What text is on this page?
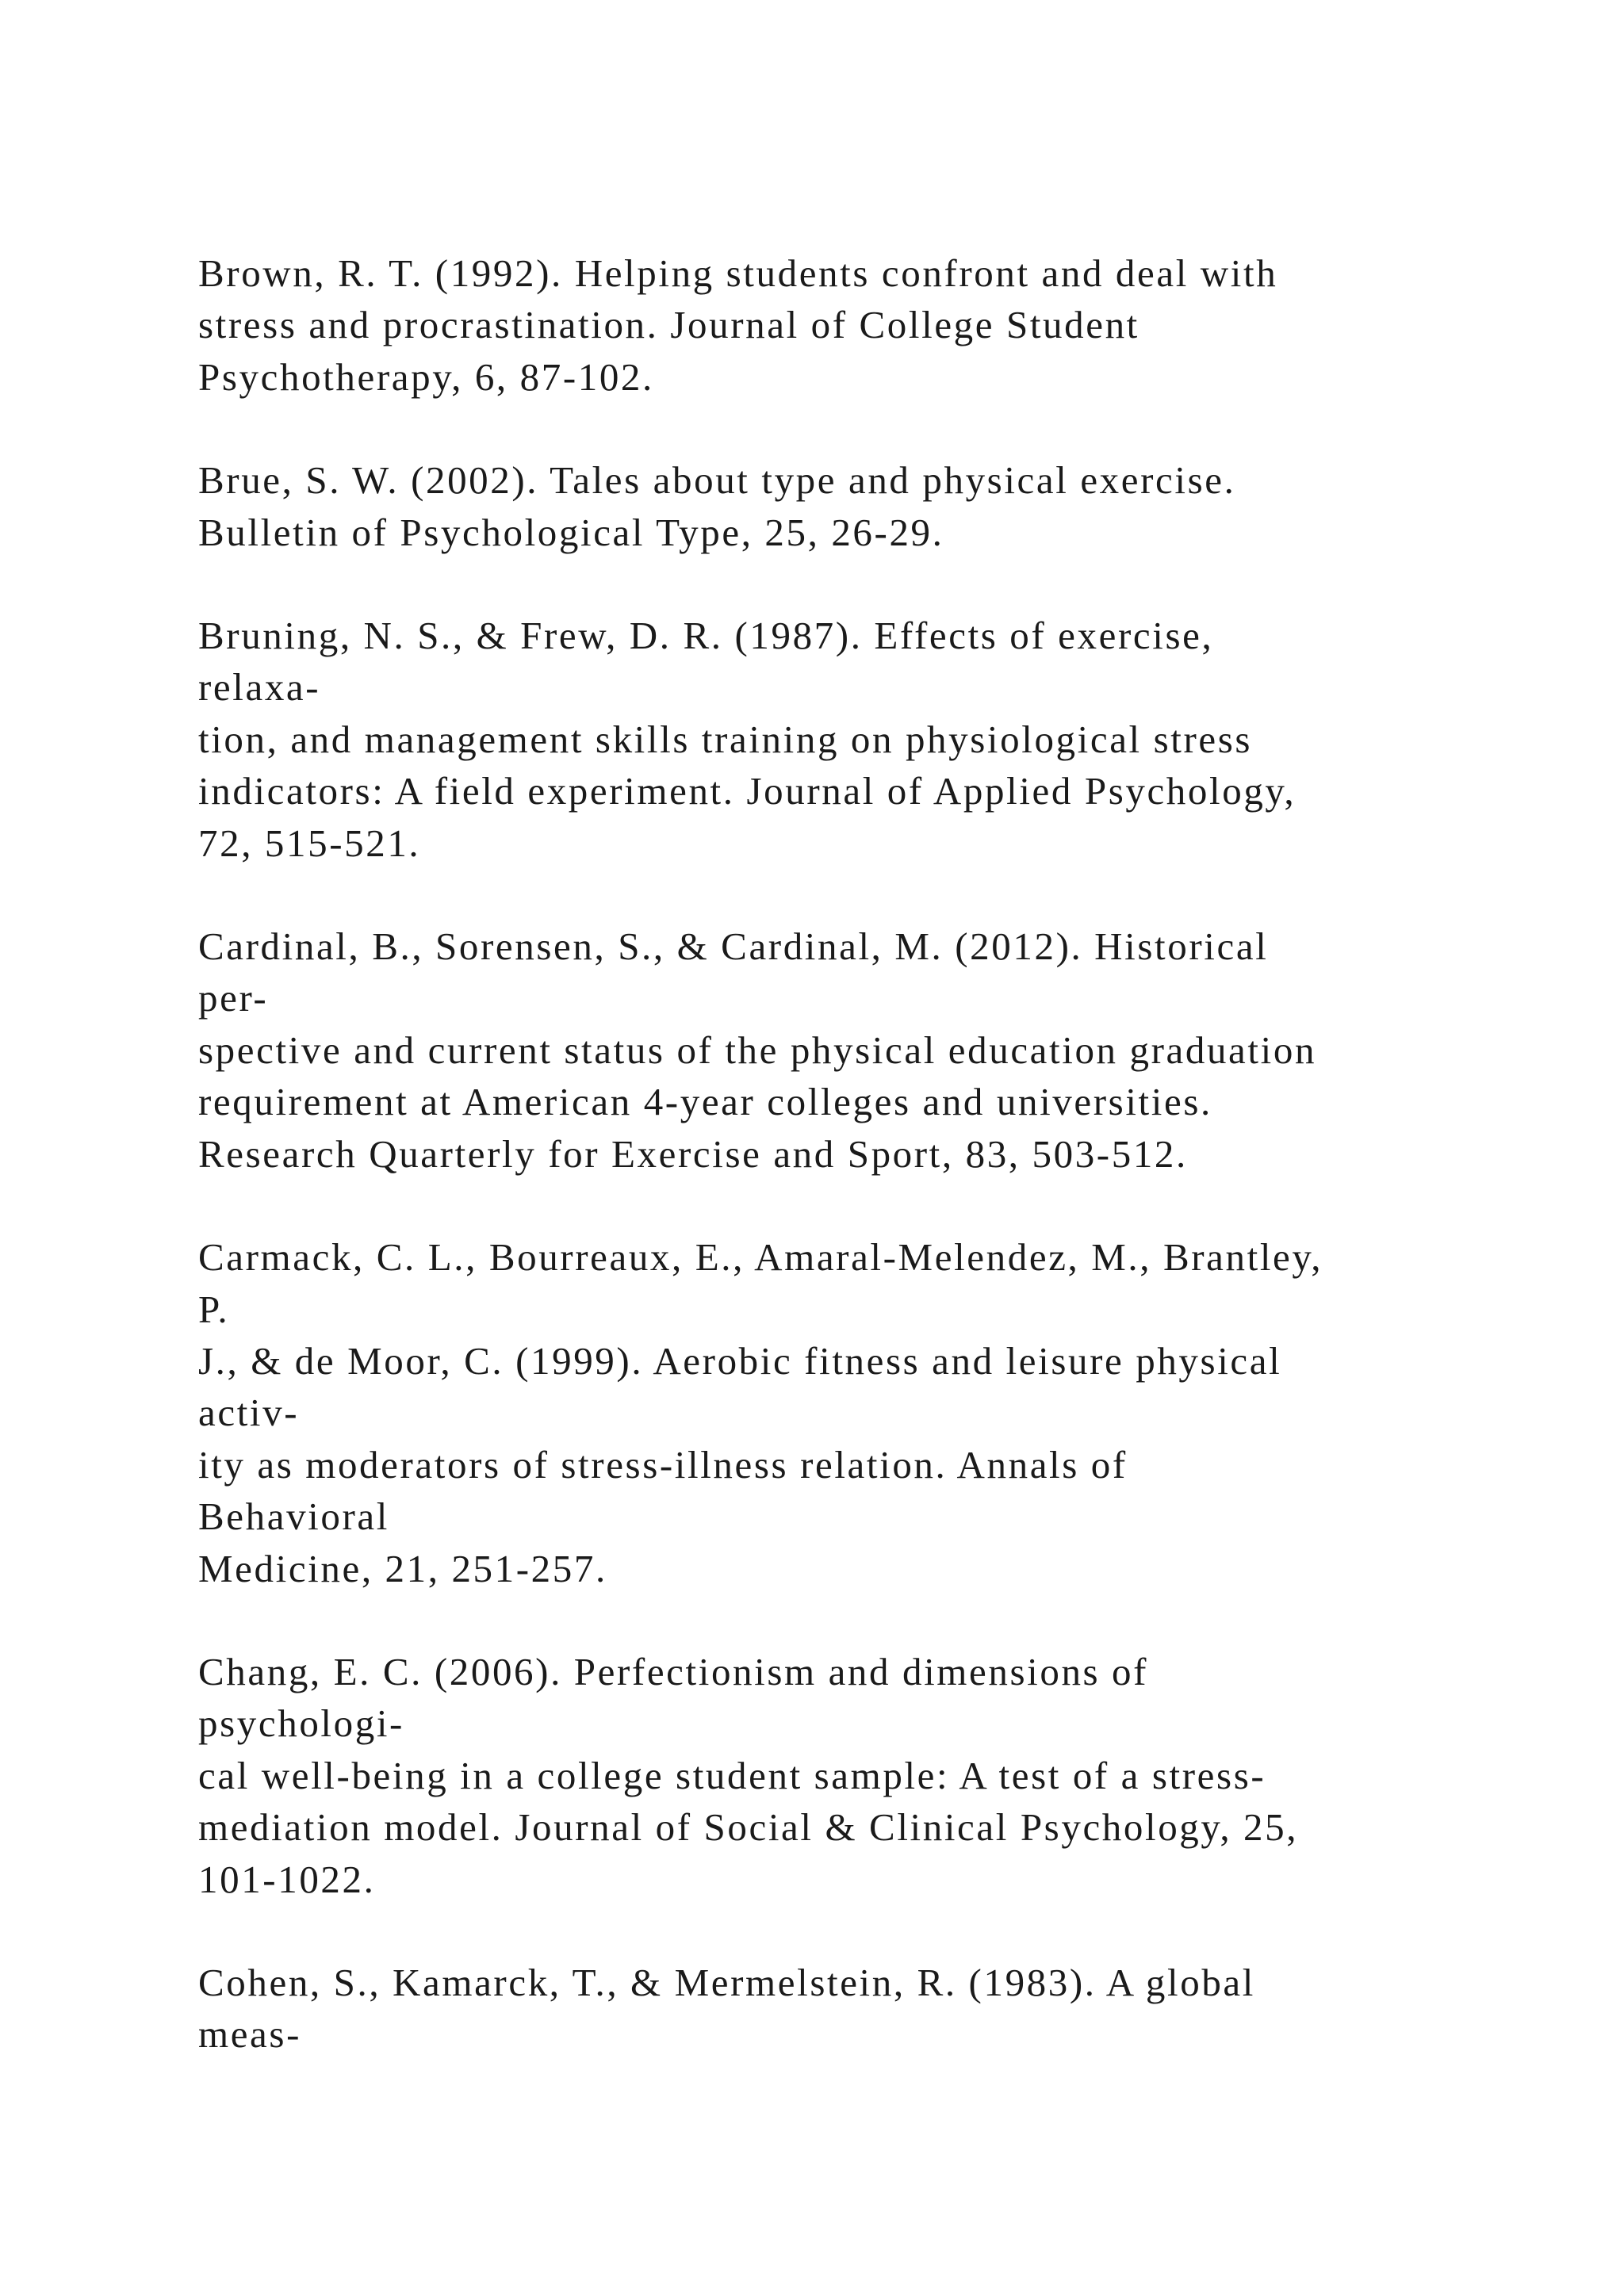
Brown, R. T. (1992). Helping students confront and deal with
stress and procrastination. Journal of College Student
Psychotherapy, 6, 87-102.
Brue, S. W. (2002). Tales about type and physical exercise.
Bulletin of Psychological Type, 25, 26-29.
Bruning, N. S., & Frew, D. R. (1987). Effects of exercise,
relaxa-
tion, and management skills training on physiological stress
indicators: A field experiment. Journal of Applied Psychology,
72, 515-521.
Cardinal, B., Sorensen, S., & Cardinal, M. (2012). Historical
per-
spective and current status of the physical education graduation
requirement at American 4-year colleges and universities.
Research Quarterly for Exercise and Sport, 83, 503-512.
Carmack, C. L., Bourreaux, E., Amaral-Melendez, M., Brantley,
P.
J., & de Moor, C. (1999). Aerobic fitness and leisure physical
activ-
ity as moderators of stress-illness relation. Annals of
Behavioral
Medicine, 21, 251-257.
Chang, E. C. (2006). Perfectionism and dimensions of
psychologi-
cal well-being in a college student sample: A test of a stress-
mediation model. Journal of Social & Clinical Psychology, 25,
101-1022.
Cohen, S., Kamarck, T., & Mermelstein, R. (1983). A global
meas-
